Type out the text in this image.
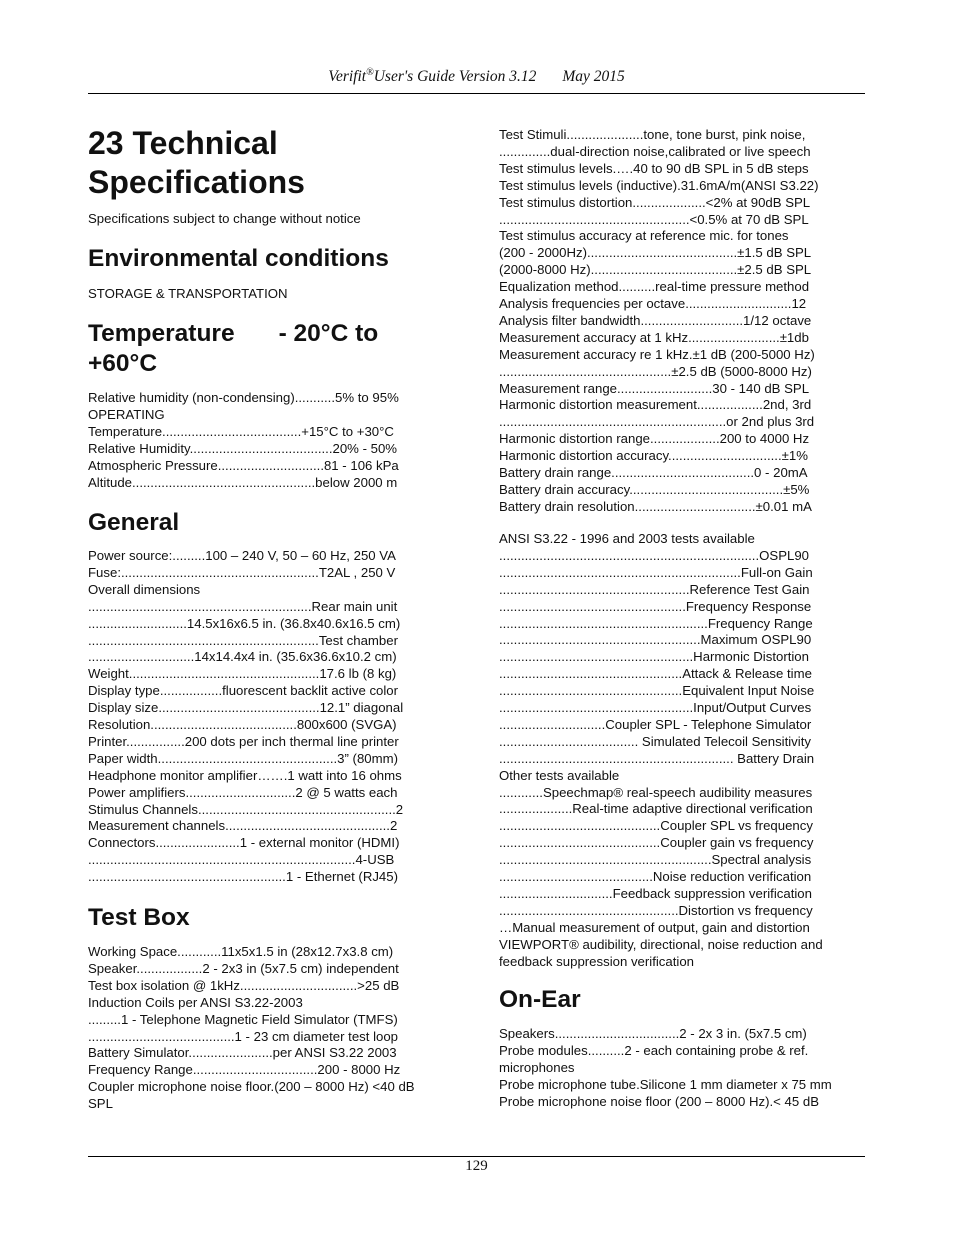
Verifit®User's Guide Version 3.12 May 2015
23 Technical
Specifications
Specifications subject to change without notice
Environmental conditions
STORAGE & TRANSPORTATION
Temperature - 20°C to
+60°C
Relative humidity (non-condensing)...........5% to 95%
OPERATING
Temperature......................................+15°C to +30°C
Relative Humidity.......................................20% - 50%
Atmospheric Pressure.............................81 - 106 kPa
Altitude..................................................below 2000 m
General
Power source:.........100 – 240 V, 50 – 60 Hz, 250 VA
Fuse:......................................................T2AL , 250 V
Overall dimensions
.............................................................Rear main unit
...........................14.5x16x6.5 in. (36.8x40.6x16.5 cm)
...............................................................Test chamber
.............................14x14.4x4 in. (35.6x36.6x10.2 cm)
Weight....................................................17.6 lb (8 kg)
Display type.................fluorescent backlit active color
Display size............................................12.1” diagonal
Resolution........................................800x600 (SVGA)
Printer................200 dots per inch thermal line printer
Paper width.................................................3” (80mm)
Headphone monitor amplifier…….1 watt into 16 ohms
Power amplifiers..............................2 @ 5 watts each
Stimulus Channels......................................................2
Measurement channels.............................................2
Connectors.......................1 - external monitor (HDMI)
.........................................................................4-USB
......................................................1 - Ethernet (RJ45)
Test Box
Working Space............11x5x1.5 in (28x12.7x3.8 cm)
Speaker..................2 - 2x3 in (5x7.5 cm) independent
Test box isolation @ 1kHz................................>25 dB
Induction Coils per ANSI S3.22-2003
.........1 - Telephone Magnetic Field Simulator (TMFS)
........................................1 - 23 cm diameter test loop
Battery Simulator.......................per ANSI S3.22 2003
Frequency Range..................................200 - 8000 Hz
Coupler microphone noise floor.(200 – 8000 Hz) <40 dB
SPL
Test Stimuli.....................tone, tone burst, pink noise,
..............dual-direction noise,calibrated or live speech
Test stimulus levels.….40 to 90 dB SPL in 5 dB steps
Test stimulus levels (inductive).31.6mA/m(ANSI S3.22)
Test stimulus distortion....................<2% at 90dB SPL
....................................................<0.5% at 70 dB SPL
Test stimulus accuracy at reference mic. for tones
(200 - 2000Hz).........................................±1.5 dB SPL
(2000-8000 Hz)........................................±2.5 dB SPL
Equalization method..........real-time pressure method
Analysis frequencies per octave.............................12
Analysis filter bandwidth............................1/12 octave
Measurement accuracy at 1 kHz.........................±1db
Measurement accuracy re 1 kHz.±1 dB (200-5000 Hz)
...............................................±2.5 dB (5000-8000 Hz)
Measurement range..........................30 - 140 dB SPL
Harmonic distortion measurement..................2nd, 3rd
..............................................................or 2nd plus 3rd
Harmonic distortion range...................200 to 4000 Hz
Harmonic distortion accuracy...............................±1%
Battery drain range.......................................0 - 20mA
Battery drain accuracy..........................................±5%
Battery drain resolution.................................±0.01 mA
ANSI S3.22 - 1996 and 2003 tests available
.......................................................................OSPL90
..................................................................Full-on Gain
....................................................Reference Test Gain
...................................................Frequency Response
.........................................................Frequency Range
.......................................................Maximum OSPL90
.....................................................Harmonic Distortion
..................................................Attack & Release time
..................................................Equivalent Input Noise
.....................................................Input/Output Curves
.............................Coupler SPL - Telephone Simulator
...................................... Simulated Telecoil Sensitivity
................................................................ Battery Drain
Other tests available
............Speechmap® real-speech audibility measures
....................Real-time adaptive directional verification
............................................Coupler SPL vs frequency
............................................Coupler gain vs frequency
..........................................................Spectral analysis
..........................................Noise reduction verification
...............................Feedback suppression verification
.................................................Distortion vs frequency
…Manual measurement of output, gain and distortion
VIEWPORT® audibility, directional, noise reduction and
feedback suppression verification
On-Ear
Speakers..................................2 - 2x 3 in. (5x7.5 cm)
Probe modules..........2 - each containing probe & ref.
microphones
Probe microphone tube.Silicone 1 mm diameter x 75 mm
Probe microphone noise floor (200 – 8000 Hz).< 45 dB
129
